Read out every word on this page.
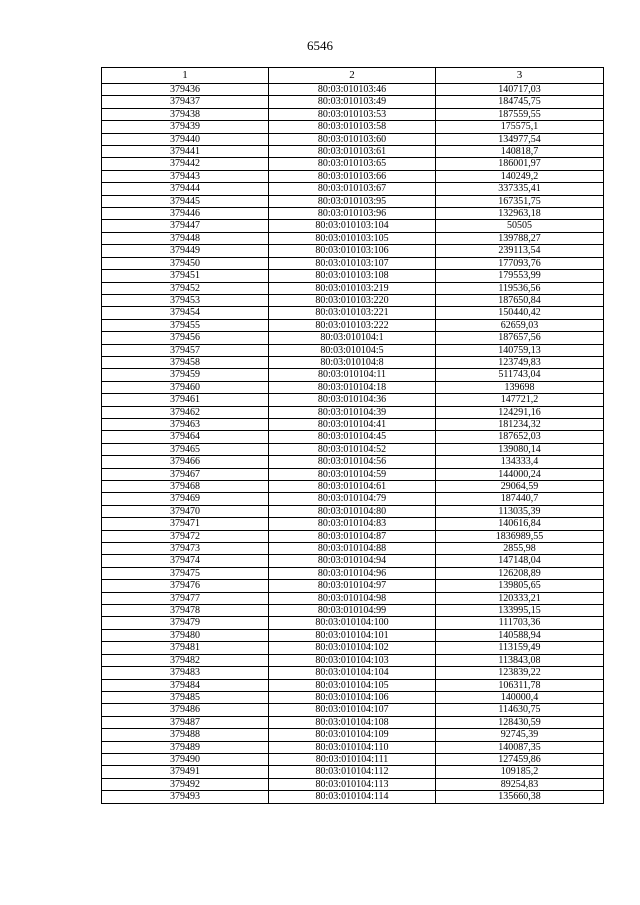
6546
1	2	3
379436	80:03:010103:46	140717,03
379437	80:03:010103:49	184745,75
379438	80:03:010103:53	187559,55
379439	80:03:010103:58	175575,1
379440	80:03:010103:60	134977,54
379441	80:03:010103:61	140818,7
379442	80:03:010103:65	186001,97
379443	80:03:010103:66	140249,2
379444	80:03:010103:67	337335,41
379445	80:03:010103:95	167351,75
379446	80:03:010103:96	132963,18
379447	80:03:010103:104	50505
379448	80:03:010103:105	139788,27
379449	80:03:010103:106	239113,54
379450	80:03:010103:107	177093,76
379451	80:03:010103:108	179553,99
379452	80:03:010103:219	119536,56
379453	80:03:010103:220	187650,84
379454	80:03:010103:221	150440,42
379455	80:03:010103:222	62659,03
379456	80:03:010104:1	187657,56
379457	80:03:010104:5	140759,13
379458	80:03:010104:8	123749,83
379459	80:03:010104:11	511743,04
379460	80:03:010104:18	139698
379461	80:03:010104:36	147721,2
379462	80:03:010104:39	124291,16
379463	80:03:010104:41	181234,32
379464	80:03:010104:45	187652,03
379465	80:03:010104:52	139080,14
379466	80:03:010104:56	134333,4
379467	80:03:010104:59	144000,24
379468	80:03:010104:61	29064,59
379469	80:03:010104:79	187440,7
379470	80:03:010104:80	113035,39
379471	80:03:010104:83	140616,84
379472	80:03:010104:87	1836989,55
379473	80:03:010104:88	2855,98
379474	80:03:010104:94	147148,04
379475	80:03:010104:96	126208,89
379476	80:03:010104:97	139805,65
379477	80:03:010104:98	120333,21
379478	80:03:010104:99	133995,15
379479	80:03:010104:100	111703,36
379480	80:03:010104:101	140588,94
379481	80:03:010104:102	113159,49
379482	80:03:010104:103	113843,08
379483	80:03:010104:104	123839,22
379484	80:03:010104:105	106311,78
379485	80:03:010104:106	140000,4
379486	80:03:010104:107	114630,75
379487	80:03:010104:108	128430,59
379488	80:03:010104:109	92745,39
379489	80:03:010104:110	140087,35
379490	80:03:010104:111	127459,86
379491	80:03:010104:112	109185,2
379492	80:03:010104:113	89254,83
379493	80:03:010104:114	135660,38
